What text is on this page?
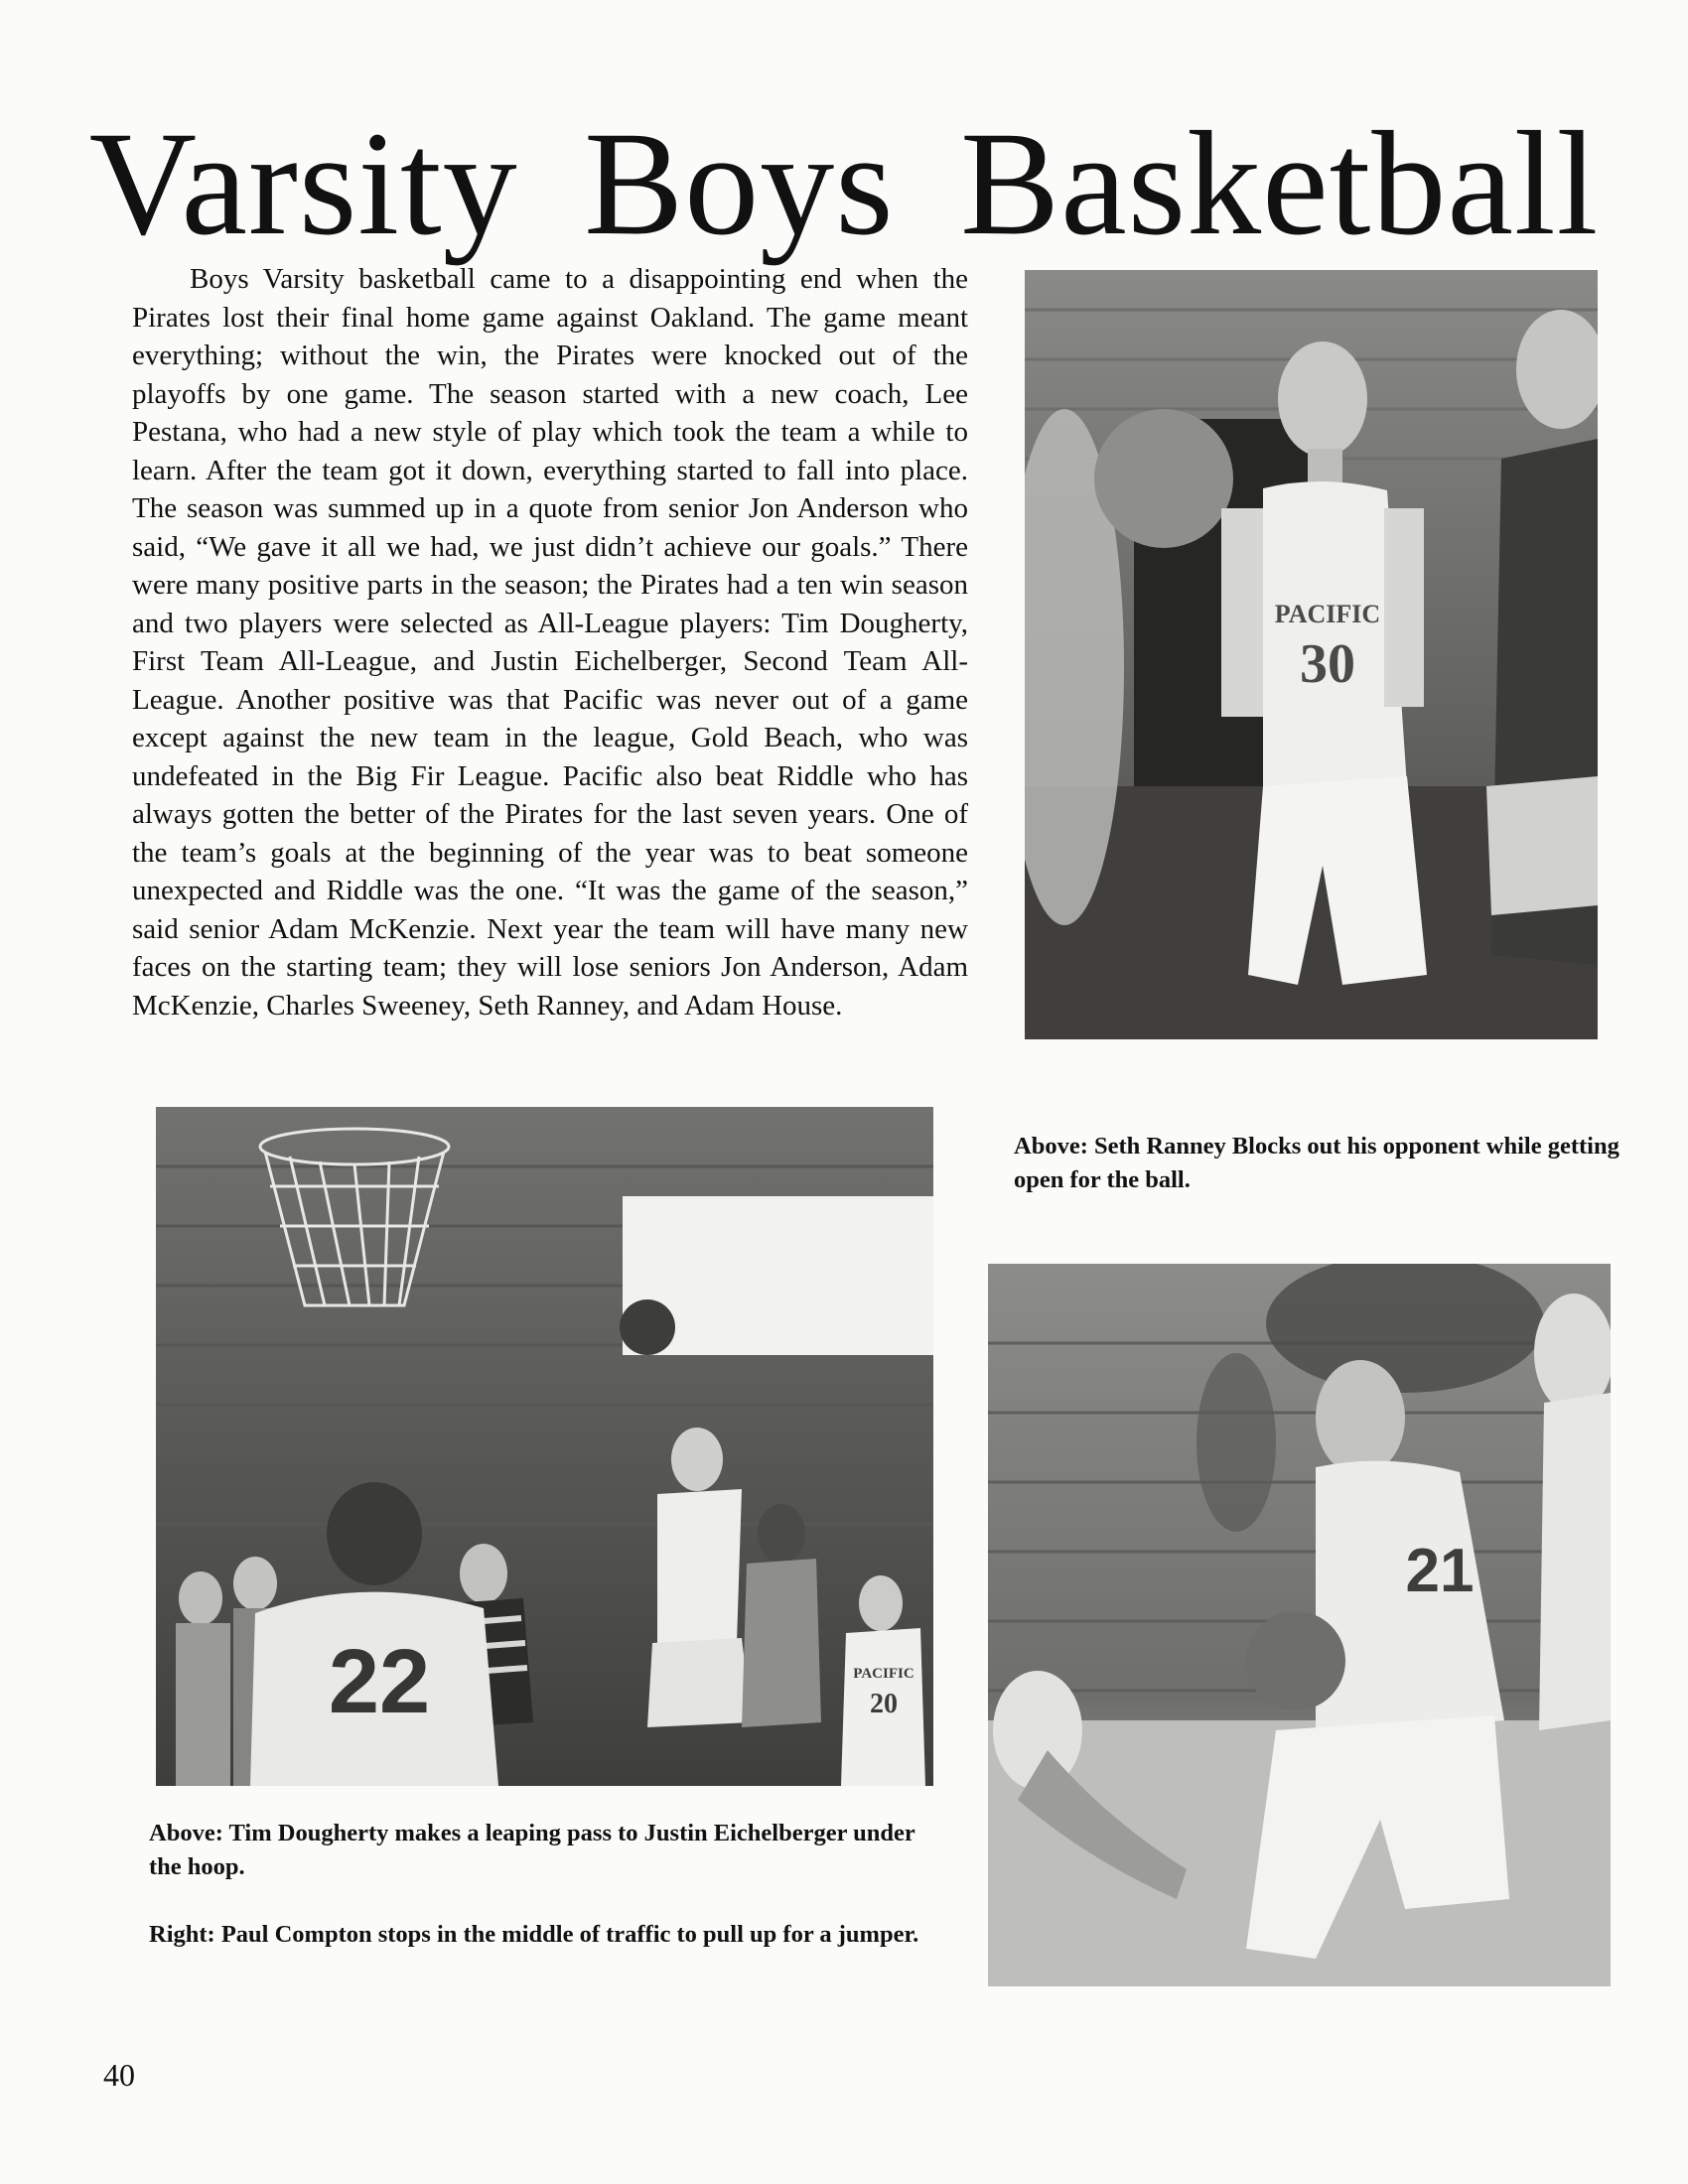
Varsity Boys Basketball

Boys Varsity basketball came to a disappointing end when the Pirates lost their final home game against Oakland. The game meant everything; without the win, the Pirates were knocked out of the playoffs by one game. The season started with a new coach, Lee Pestana, who had a new style of play which took the team a while to learn. After the team got it down, everything started to fall into place. The season was summed up in a quote from senior Jon Anderson who said, “We gave it all we had, we just didn’t achieve our goals.” There were many positive parts in the season; the Pirates had a ten win season and two players were selected as All-League players: Tim Dougherty, First Team All-League, and Justin Eichelberger, Second Team All-League. Another positive was that Pacific was never out of a game except against the new team in the league, Gold Beach, who was undefeated in the Big Fir League. Pacific also beat Riddle who has always gotten the better of the Pirates for the last seven years. One of the team’s goals at the beginning of the year was to beat someone unexpected and Riddle was the one. “It was the game of the season,” said senior Adam McKenzie. Next year the team will have many new faces on the starting team; they will lose seniors Jon Anderson, Adam McKenzie, Charles Sweeney, Seth Ranney, and Adam House.

PACIFIC
30

Above: Seth Ranney Blocks out his opponent while getting open for the ball.

22	PACIFIC
20

Above: Tim Dougherty makes a leaping pass to Justin Eichelberger under the hoop.

Right: Paul Compton stops in the middle of traffic to pull up for a jumper.

21

40
